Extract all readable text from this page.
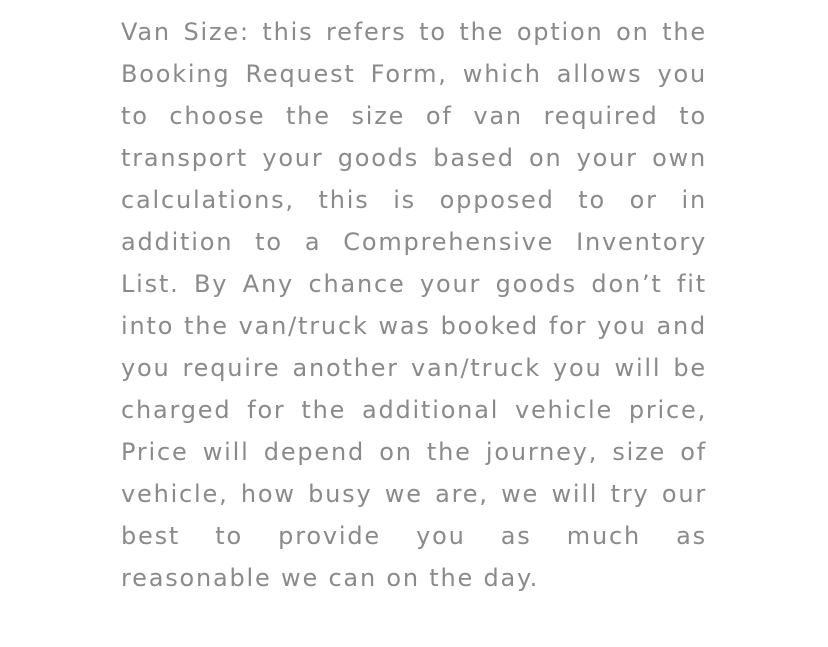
Van Size: this refers to the option on the Booking Request Form, which allows you to choose the size of van required to transport your goods based on your own calculations, this is opposed to or in addition to a Comprehensive Inventory List. By Any chance your goods don’t fit into the van/truck was booked for you and you require another van/truck you will be charged for the additional vehicle price, Price will depend on the journey, size of vehicle, how busy we are, we will try our best to provide you as much as reasonable we can on the day.
